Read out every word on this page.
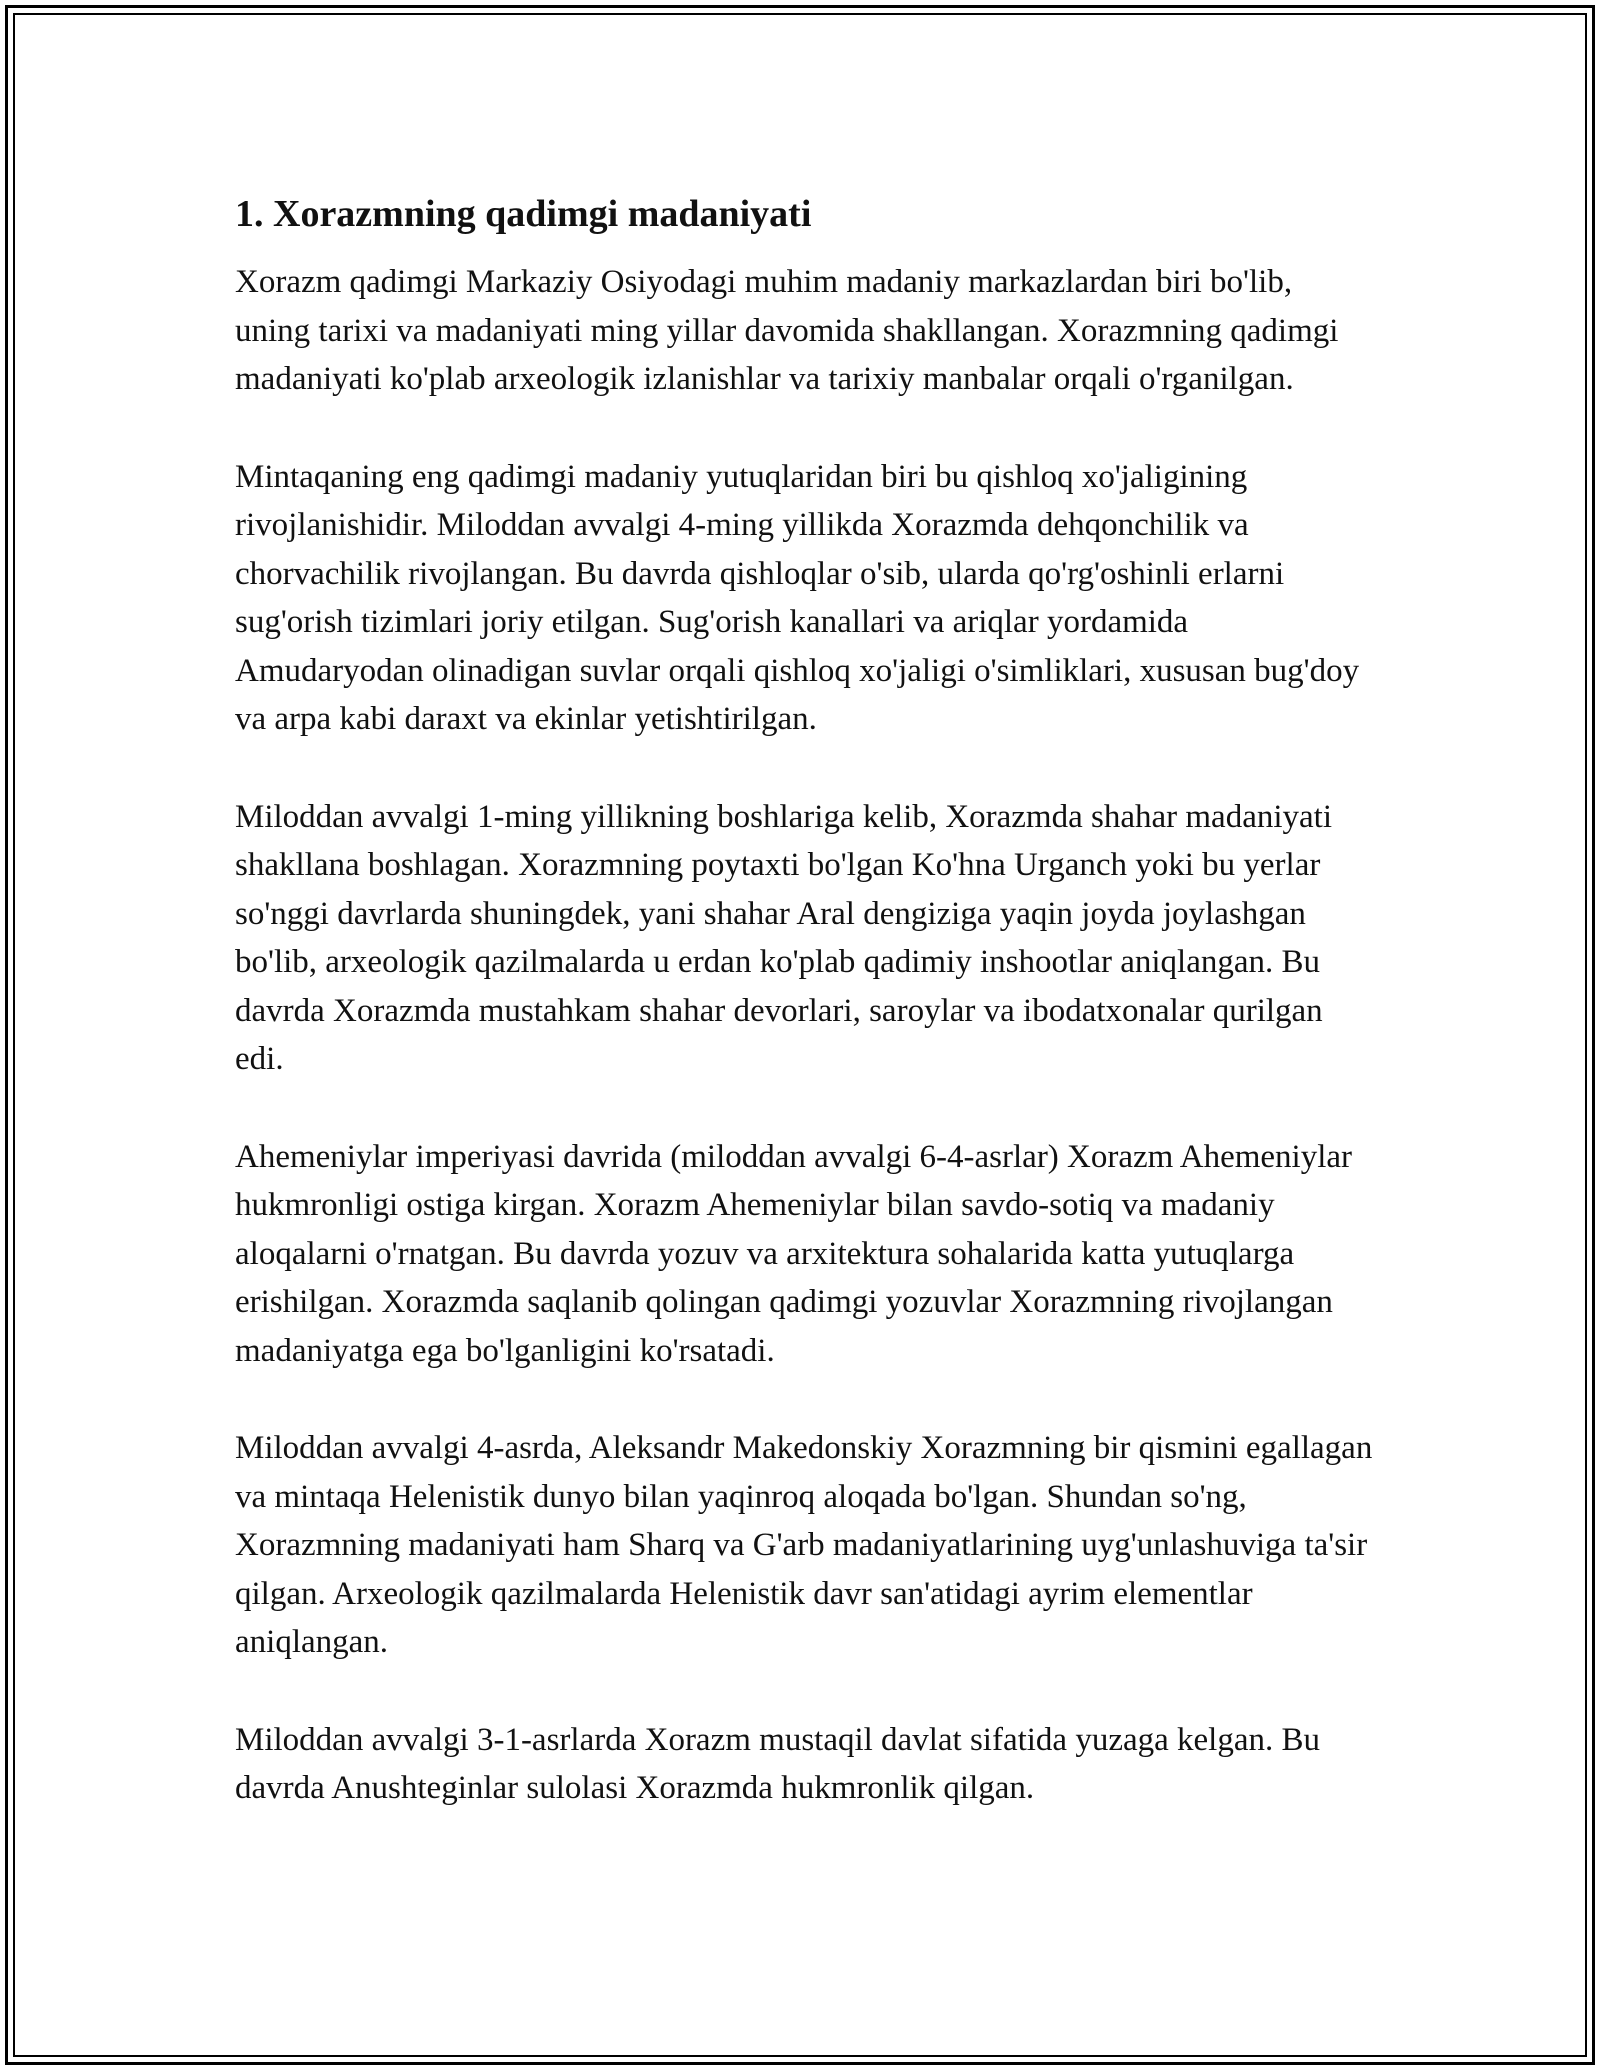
1. Xorazmning qadimgi madaniyati

Xorazm qadimgi Markaziy Osiyodagi muhim madaniy markazlardan biri bo'lib, uning tarixi va madaniyati ming yillar davomida shakllangan. Xorazmning qadimgi madaniyati ko'plab arxeologik izlanishlar va tarixiy manbalar orqali o'rganilgan.

Mintaqaning eng qadimgi madaniy yutuqlaridan biri bu qishloq xo'jaligining rivojlanishidir. Miloddan avvalgi 4-ming yillikda Xorazmda dehqonchilik va chorvachilik rivojlangan. Bu davrda qishloqlar o'sib, ularda qo'rg'oshinli erlarni sug'orish tizimlari joriy etilgan. Sug'orish kanallari va ariqlar yordamida Amudaryodan olinadigan suvlar orqali qishloq xo'jaligi o'simliklari, xususan bug'doy va arpa kabi daraxt va ekinlar yetishtirilgan.

Miloddan avvalgi 1-ming yillikning boshlariga kelib, Xorazmda shahar madaniyati shakllana boshlagan. Xorazmning poytaxti bo'lgan Ko'hna Urganch yoki bu yerlar so'nggi davrlarda shuningdek, yani shahar Aral dengiziga yaqin joyda joylashgan bo'lib, arxeologik qazilmalarda u erdan ko'plab qadimiy inshootlar aniqlangan. Bu davrda Xorazmda mustahkam shahar devorlari, saroylar va ibodatxonalar qurilgan edi.

Ahemeniylar imperiyasi davrida (miloddan avvalgi 6-4-asrlar) Xorazm Ahemeniylar hukmronligi ostiga kirgan. Xorazm Ahemeniylar bilan savdo-sotiq va madaniy aloqalarni o'rnatgan. Bu davrda yozuv va arxitektura sohalarida katta yutuqlarga erishilgan. Xorazmda saqlanib qolingan qadimgi yozuvlar Xorazmning rivojlangan madaniyatga ega bo'lganligini ko'rsatadi.

Miloddan avvalgi 4-asrda, Aleksandr Makedonskiy Xorazmning bir qismini egallagan va mintaqa Helenistik dunyo bilan yaqinroq aloqada bo'lgan. Shundan so'ng, Xorazmning madaniyati ham Sharq va G'arb madaniyatlarining uyg'unlashuviga ta'sir qilgan. Arxeologik qazilmalarda Helenistik davr san'atidagi ayrim elementlar aniqlangan.

Miloddan avvalgi 3-1-asrlarda Xorazm mustaqil davlat sifatida yuzaga kelgan. Bu davrda Anushteginlar sulolasi Xorazmda hukmronlik qilgan.
